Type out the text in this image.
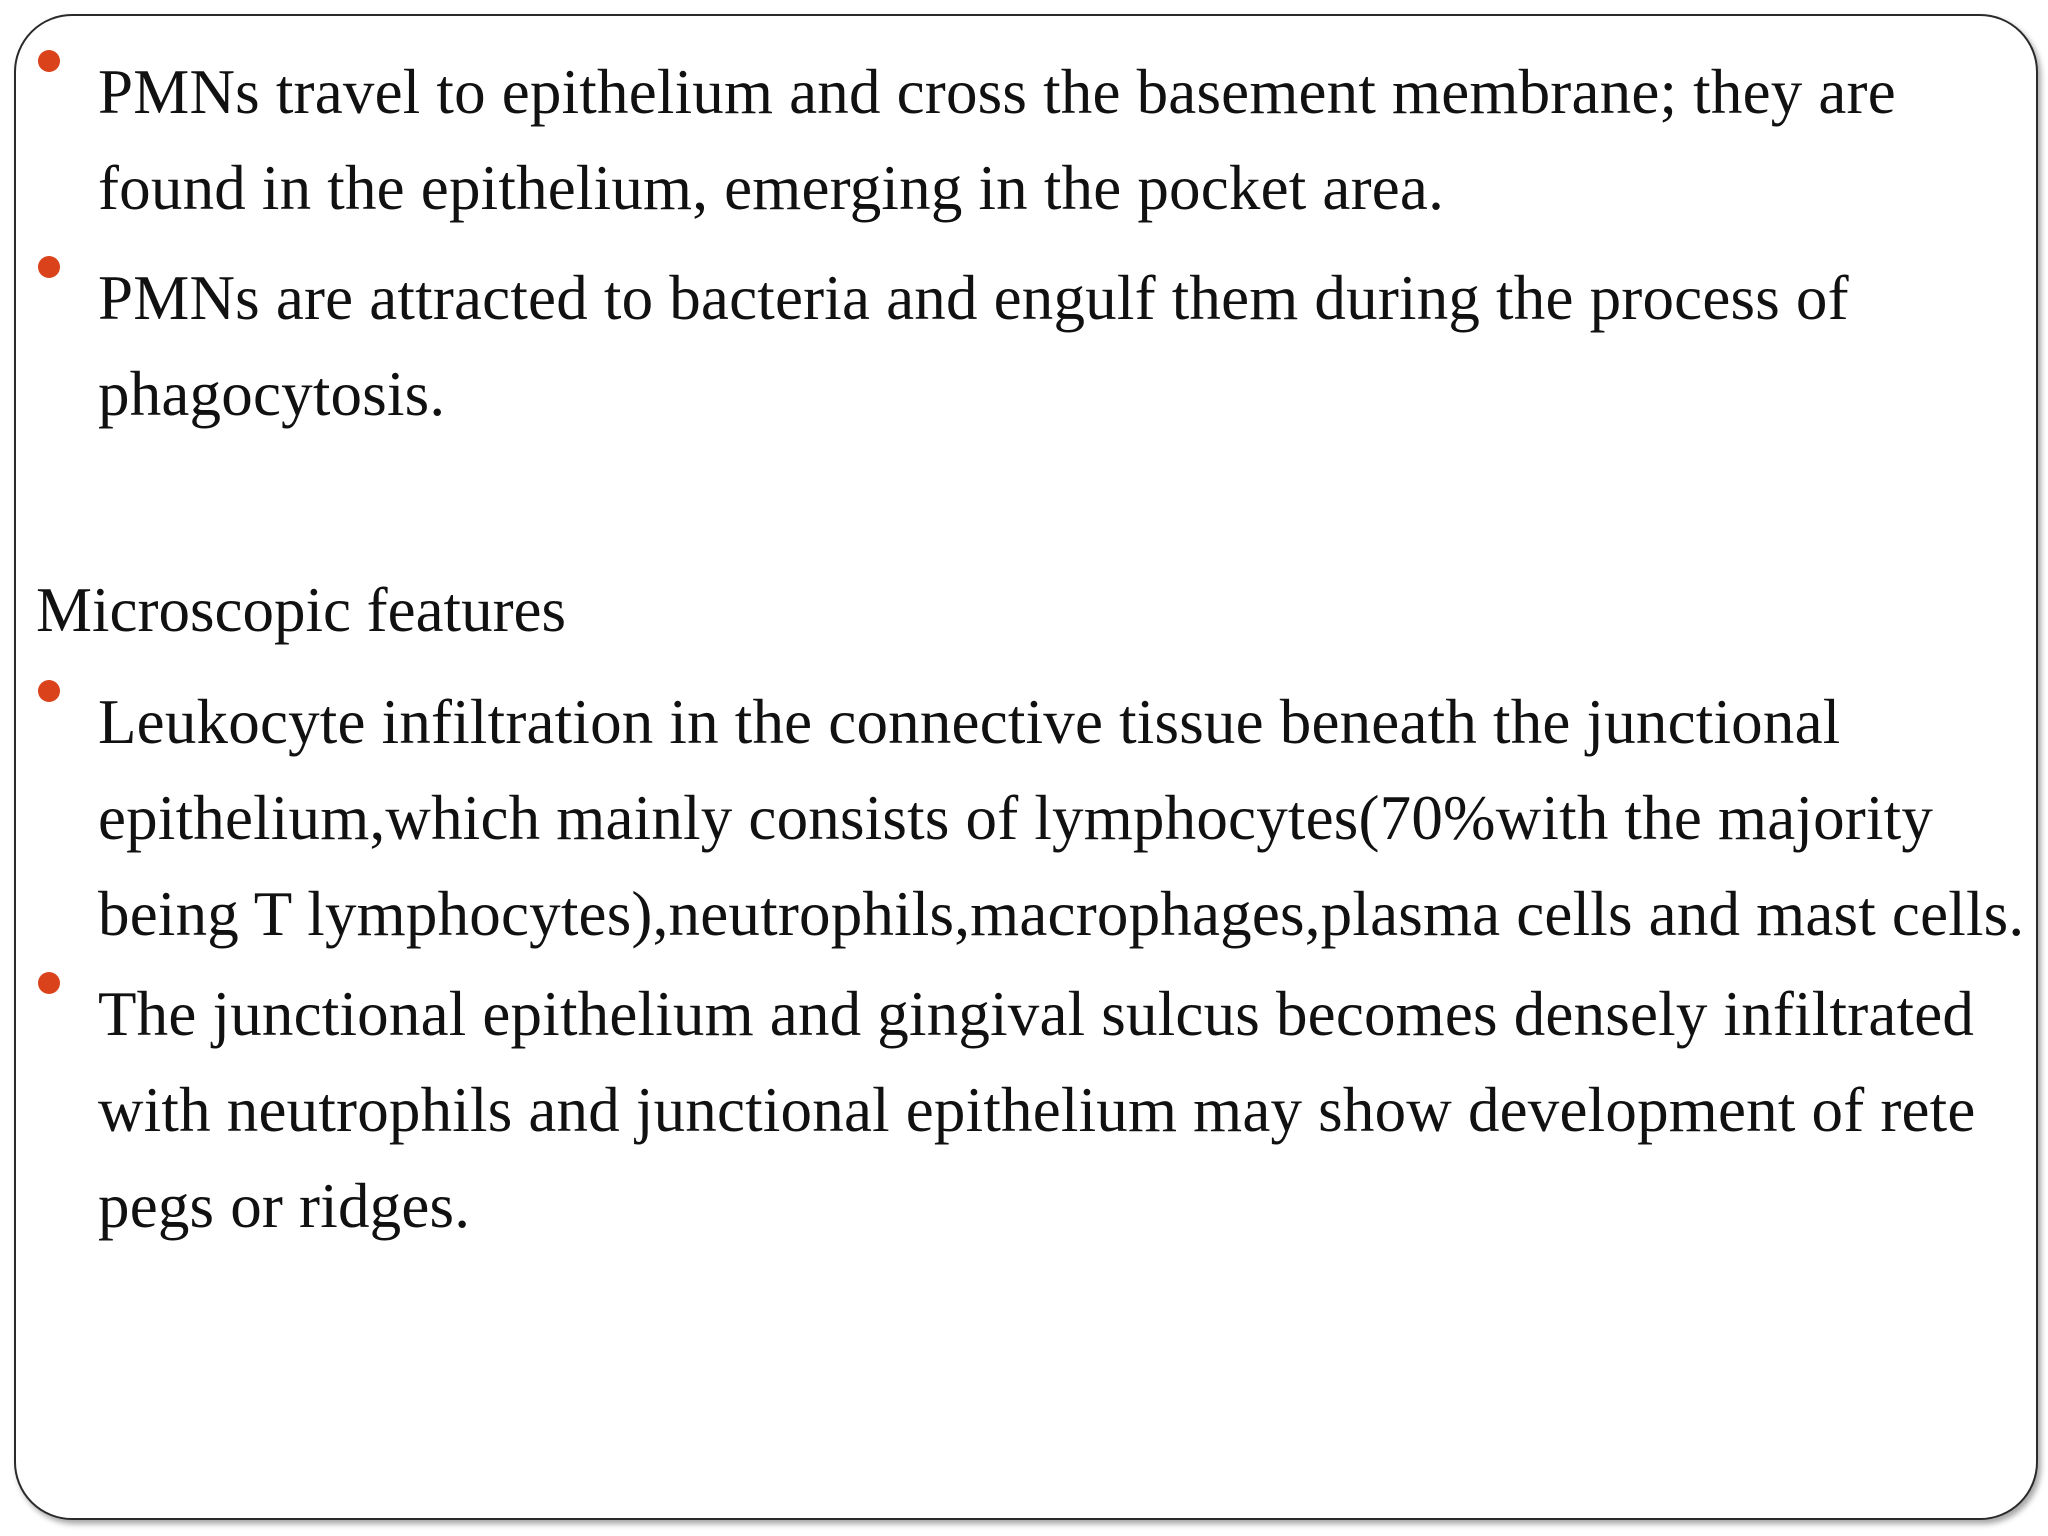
PMNs travel to epithelium and cross the basement membrane; they are found in the epithelium, emerging in the pocket area.
PMNs are attracted to bacteria and engulf them during the process of phagocytosis.
Microscopic features
Leukocyte infiltration in the connective tissue beneath the junctional epithelium,which mainly consists of lymphocytes(70%with the majority being T lymphocytes),neutrophils,macrophages,plasma cells and mast cells.
The junctional epithelium and gingival sulcus becomes densely infiltrated with neutrophils and junctional epithelium may show development of rete pegs or ridges.
